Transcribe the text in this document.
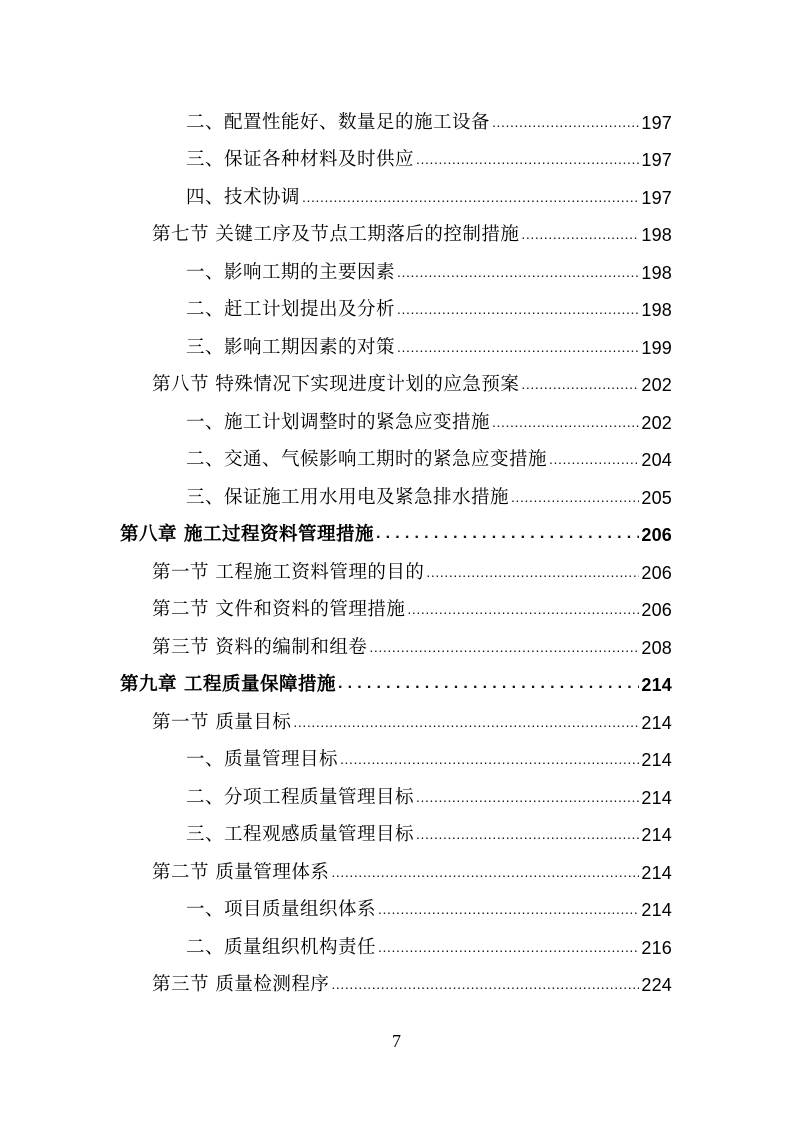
二、配置性能好、数量足的施工设备 .....	197
三、保证各种材料及时供应 .....	197
四、技术协调 .....	197
第七节 关键工序及节点工期落后的控制措施 .....	198
一、影响工期的主要因素 .....	198
二、赶工计划提出及分析 .....	198
三、影响工期因素的对策 .....	199
第八节 特殊情况下实现进度计划的应急预案 .....	202
一、施工计划调整时的紧急应变措施 .....	202
二、交通、气候影响工期时的紧急应变措施 .....	204
三、保证施工用水用电及紧急排水措施 .....	205
第八章 施工过程资料管理措施 .....	206
第一节 工程施工资料管理的目的 .....	206
第二节 文件和资料的管理措施 .....	206
第三节 资料的编制和组卷 .....	208
第九章 工程质量保障措施 .....	214
第一节 质量目标 .....	214
一、质量管理目标 .....	214
二、分项工程质量管理目标 .....	214
三、工程观感质量管理目标 .....	214
第二节 质量管理体系 .....	214
一、项目质量组织体系 .....	214
二、质量组织机构责任 .....	216
第三节 质量检测程序 .....	224
7
